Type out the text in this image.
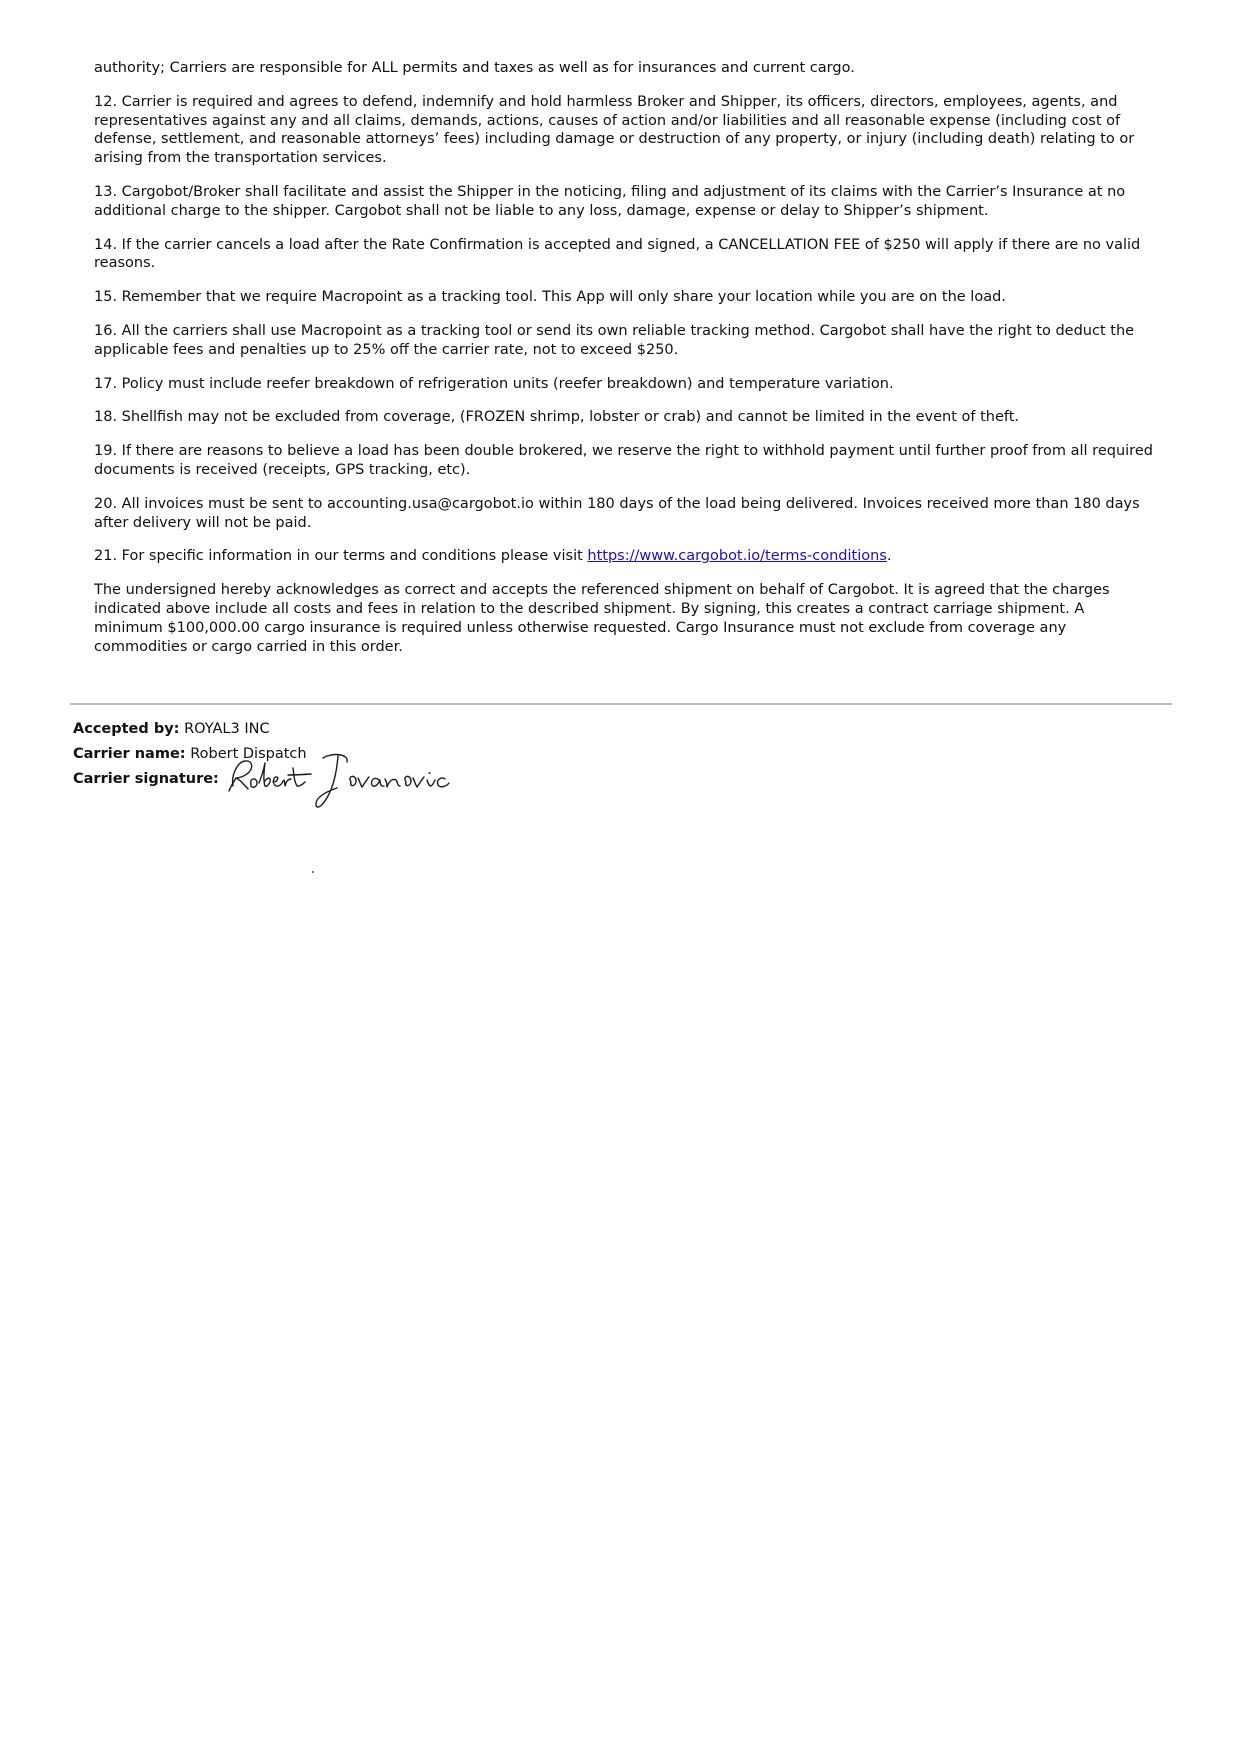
authority; Carriers are responsible for ALL permits and taxes as well as for insurances and current cargo.

12. Carrier is required and agrees to defend, indemnify and hold harmless Broker and Shipper, its officers, directors, employees, agents, and representatives against any and all claims, demands, actions, causes of action and/or liabilities and all reasonable expense (including cost of defense, settlement, and reasonable attorneys’ fees) including damage or destruction of any property, or injury (including death) relating to or arising from the transportation services.

13. Cargobot/Broker shall facilitate and assist the Shipper in the noticing, filing and adjustment of its claims with the Carrier’s Insurance at no additional charge to the shipper. Cargobot shall not be liable to any loss, damage, expense or delay to Shipper’s shipment.

14. If the carrier cancels a load after the Rate Confirmation is accepted and signed, a CANCELLATION FEE of $250 will apply if there are no valid reasons.

15. Remember that we require Macropoint as a tracking tool. This App will only share your location while you are on the load.

16. All the carriers shall use Macropoint as a tracking tool or send its own reliable tracking method. Cargobot shall have the right to deduct the applicable fees and penalties up to 25% off the carrier rate, not to exceed $250.

17. Policy must include reefer breakdown of refrigeration units (reefer breakdown) and temperature variation.

18. Shellfish may not be excluded from coverage, (FROZEN shrimp, lobster or crab) and cannot be limited in the event of theft.

19. If there are reasons to believe a load has been double brokered, we reserve the right to withhold payment until further proof from all required documents is received (receipts, GPS tracking, etc).

20. All invoices must be sent to accounting.usa@cargobot.io within 180 days of the load being delivered. Invoices received more than 180 days after delivery will not be paid.

21. For specific information in our terms and conditions please visit https://www.cargobot.io/terms-conditions.

The undersigned hereby acknowledges as correct and accepts the referenced shipment on behalf of Cargobot. It is agreed that the charges indicated above include all costs and fees in relation to the described shipment. By signing, this creates a contract carriage shipment. A minimum $100,000.00 cargo insurance is required unless otherwise requested. Cargo Insurance must not exclude from coverage any commodities or cargo carried in this order.

Accepted by: ROYAL3 INC
Carrier name: Robert Dispatch
Carrier signature:
